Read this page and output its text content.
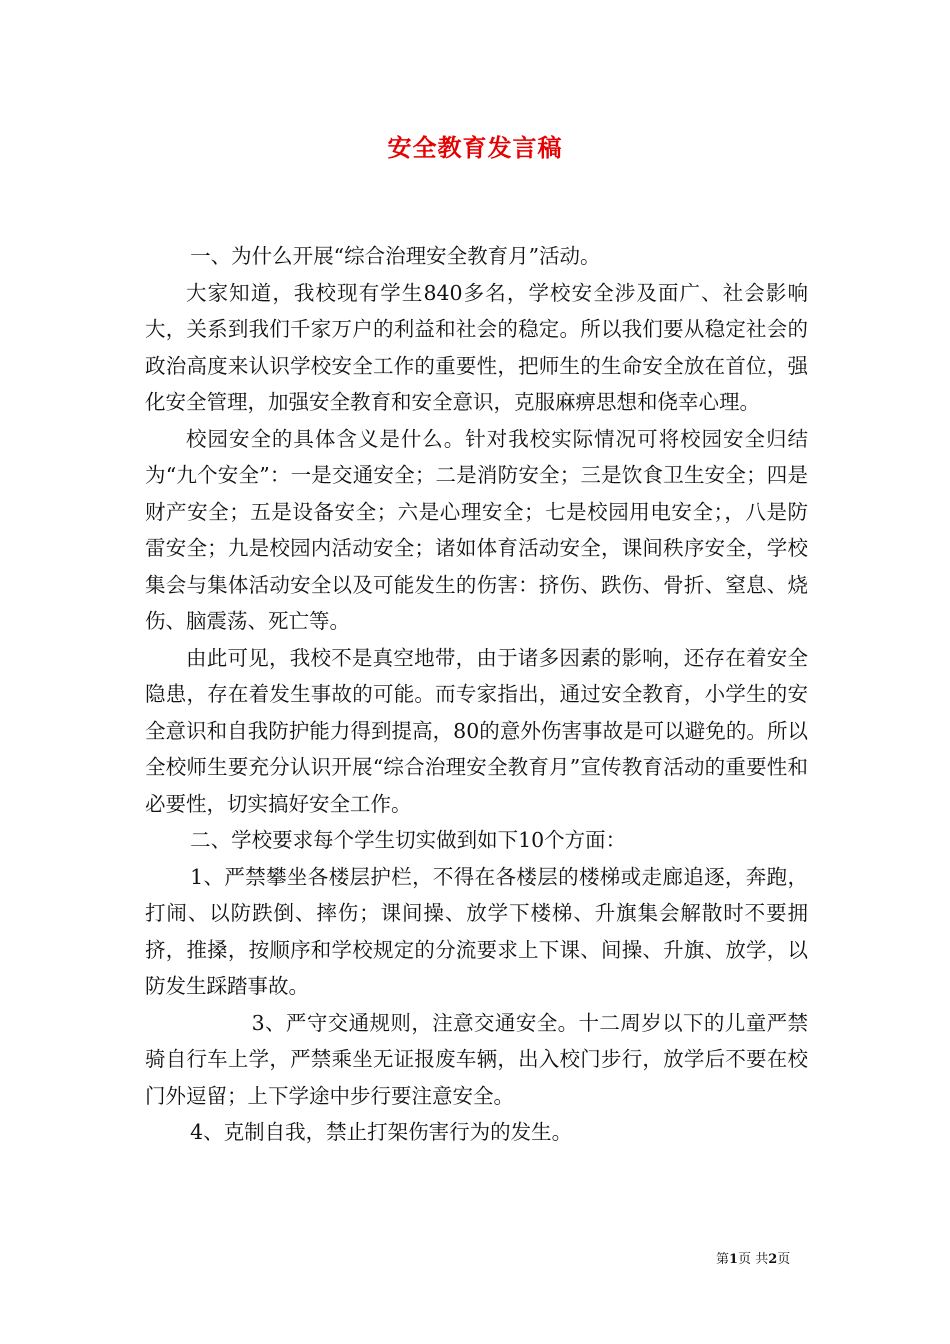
安全教育发言稿

一、为什么开展“综合治理安全教育月”活动。

大家知道，我校现有学生840多名，学校安全涉及面广、社会影响大，关系到我们千家万户的利益和社会的稳定。所以我们要从稳定社会的政治高度来认识学校安全工作的重要性，把师生的生命安全放在首位，强化安全管理，加强安全教育和安全意识，克服麻痹思想和侥幸心理。

校园安全的具体含义是什么。针对我校实际情况可将校园安全归结为“九个安全”：一是交通安全；二是消防安全；三是饮食卫生安全；四是财产安全；五是设备安全；六是心理安全；七是校园用电安全；，八是防雷安全；九是校园内活动安全；诸如体育活动安全，课间秩序安全，学校集会与集体活动安全以及可能发生的伤害：挤伤、跌伤、骨折、窒息、烧伤、脑震荡、死亡等。

由此可见，我校不是真空地带，由于诸多因素的影响，还存在着安全隐患，存在着发生事故的可能。而专家指出，通过安全教育，小学生的安全意识和自我防护能力得到提高，80的意外伤害事故是可以避免的。所以全校师生要充分认识开展“综合治理安全教育月”宣传教育活动的重要性和必要性，切实搞好安全工作。

二、学校要求每个学生切实做到如下10个方面：

1、严禁攀坐各楼层护栏，不得在各楼层的楼梯或走廊追逐，奔跑，打闹、以防跌倒、摔伤；课间操、放学下楼梯、升旗集会解散时不要拥挤，推搡，按顺序和学校规定的分流要求上下课、间操、升旗、放学，以防发生踩踏事故。

3、严守交通规则，注意交通安全。十二周岁以下的儿童严禁骑自行车上学，严禁乘坐无证报废车辆，出入校门步行，放学后不要在校门外逗留；上下学途中步行要注意安全。

4、克制自我，禁止打架伤害行为的发生。

第1页 共2页
